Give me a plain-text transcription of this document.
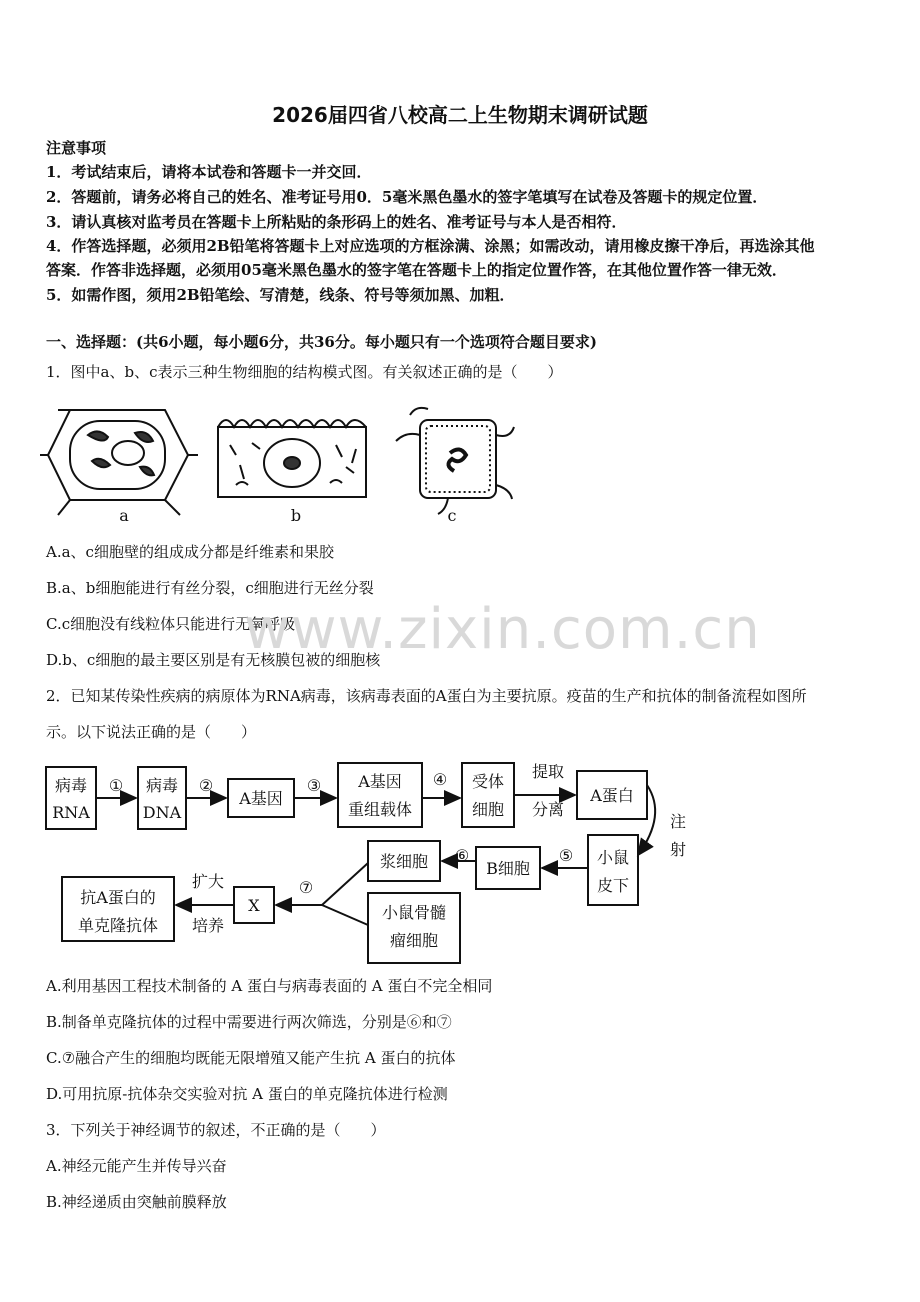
2026届四省八校高二上生物期末调研试题
注意事项
1．考试结束后，请将本试卷和答题卡一并交回．
2．答题前，请务必将自己的姓名、准考证号用0．5毫米黑色墨水的签字笔填写在试卷及答题卡的规定位置．
3．请认真核对监考员在答题卡上所粘贴的条形码上的姓名、准考证号与本人是否相符．
4．作答选择题，必须用2B铅笔将答题卡上对应选项的方框涂满、涂黑；如需改动，请用橡皮擦干净后，再选涂其他
答案．作答非选择题，必须用05毫米黑色墨水的签字笔在答题卡上的指定位置作答，在其他位置作答一律无效．
5．如需作图，须用2B铅笔绘、写清楚，线条、符号等须加黑、加粗．
一、选择题：(共6小题，每小题6分，共36分。每小题只有一个选项符合题目要求)
1．图中a、b、c表示三种生物细胞的结构模式图。有关叙述正确的是（　　）
a	b	c
A.a、c细胞壁的组成成分都是纤维素和果胶
B.a、b细胞能进行有丝分裂，c细胞进行无丝分裂
C.c细胞没有线粒体只能进行无氧呼吸
D.b、c细胞的最主要区别是有无核膜包被的细胞核
www.zixin.com.cn
2．已知某传染性疾病的病原体为RNA病毒，该病毒表面的A蛋白为主要抗原。疫苗的生产和抗体的制备流程如图所
示。以下说法正确的是（　　）
病毒
RNA
病毒
DNA
A基因
A基因
重组载体
受体
细胞
提取
分离
A蛋白
注
射
小鼠
皮下
B细胞
浆细胞
小鼠骨髓
瘤细胞
X
扩大
培养
抗A蛋白的
单克隆抗体
①	②	③	④
⑤
⑥
⑦
A.利用基因工程技术制备的 A 蛋白与病毒表面的 A 蛋白不完全相同
B.制备单克隆抗体的过程中需要进行两次筛选，分别是⑥和⑦
C.⑦融合产生的细胞均既能无限增殖又能产生抗 A 蛋白的抗体
D.可用抗原-抗体杂交实验对抗 A 蛋白的单克隆抗体进行检测
3．下列关于神经调节的叙述，不正确的是（　　）
A.神经元能产生并传导兴奋
B.神经递质由突触前膜释放
